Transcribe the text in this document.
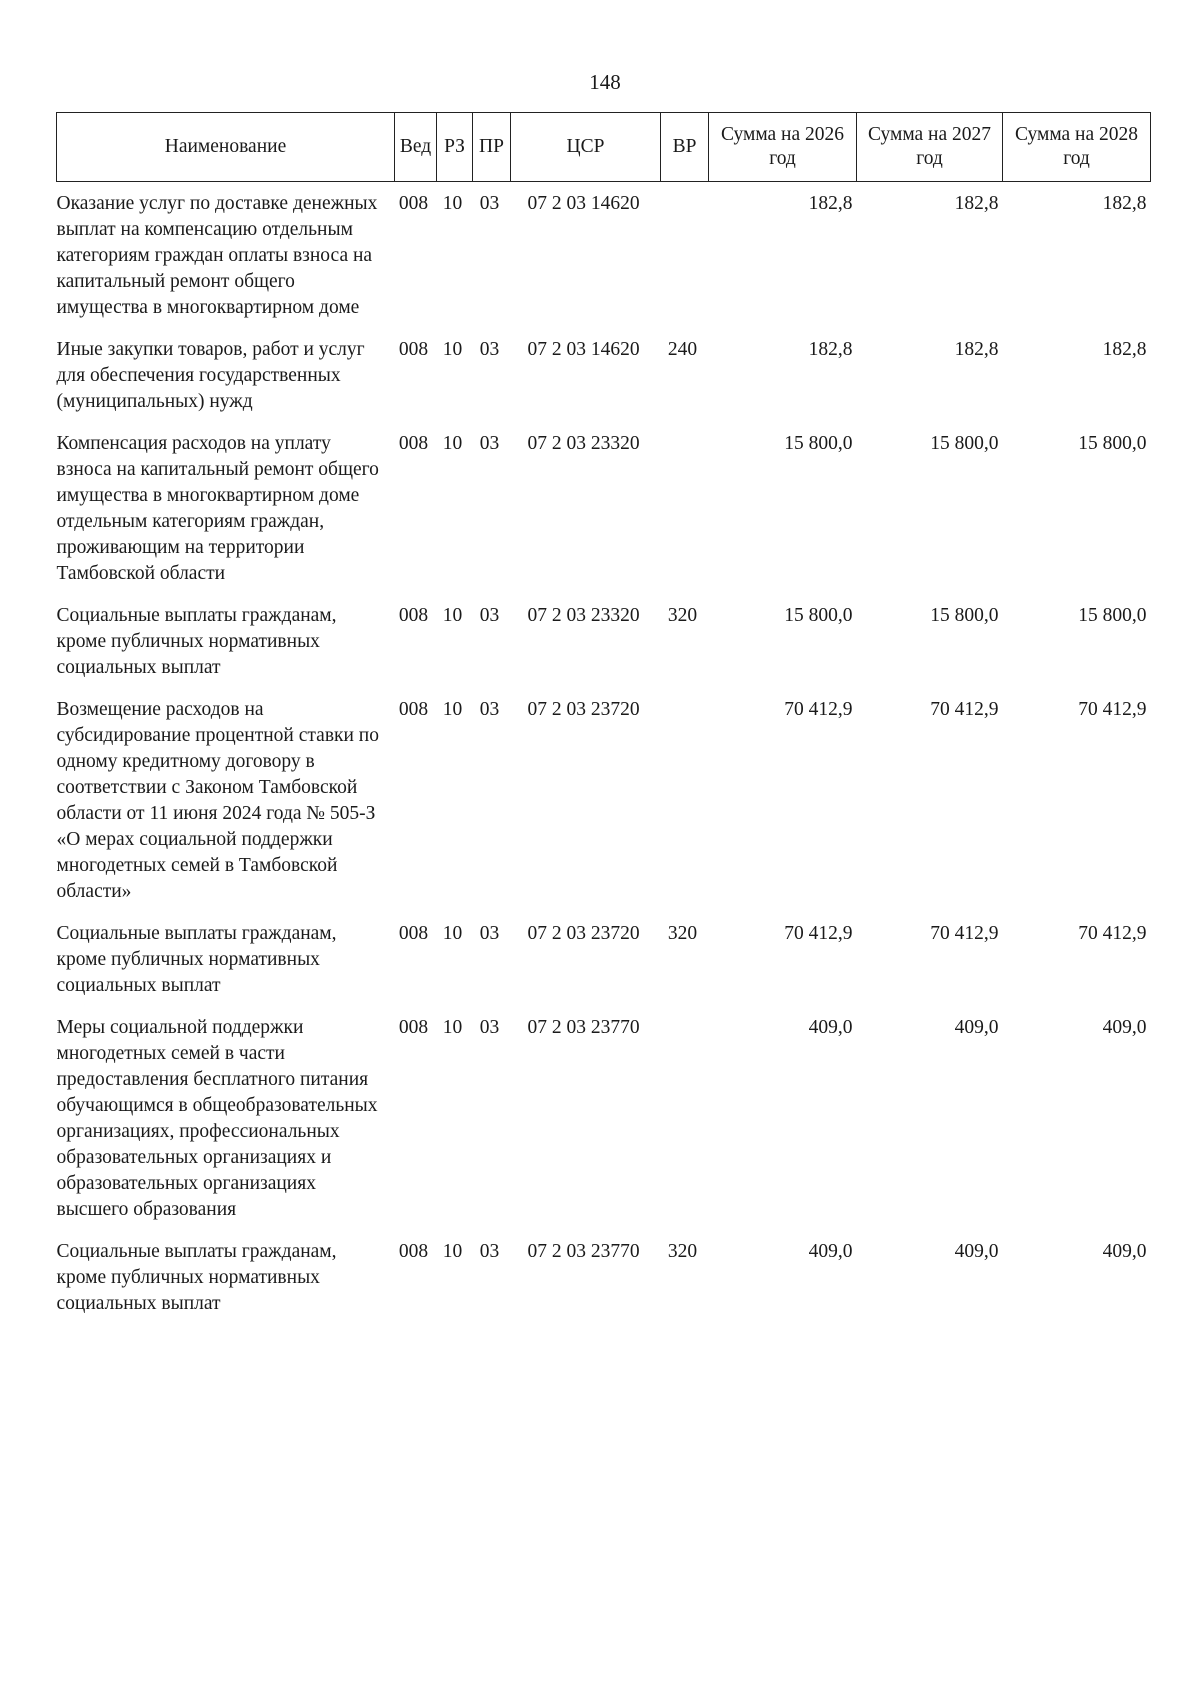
148
Наименование	Вед	РЗ	ПР	ЦСР	ВР	Сумма на 2026 год	Сумма на 2027 год	Сумма на 2028 год
Оказание услуг по доставке денежных выплат на компенсацию отдельным категориям граждан оплаты взноса на капитальный ремонт общего имущества в многоквартирном доме	008	10	03	07 2 03 14620		182,8	182,8	182,8
Иные закупки товаров, работ и услуг для обеспечения государственных (муниципальных) нужд	008	10	03	07 2 03 14620	240	182,8	182,8	182,8
Компенсация расходов на уплату взноса на капитальный ремонт общего имущества в многоквартирном доме отдельным категориям граждан, проживающим на территории Тамбовской области	008	10	03	07 2 03 23320		15 800,0	15 800,0	15 800,0
Социальные выплаты гражданам, кроме публичных нормативных социальных выплат	008	10	03	07 2 03 23320	320	15 800,0	15 800,0	15 800,0
Возмещение расходов на субсидирование процентной ставки по одному кредитному договору в соответствии с Законом Тамбовской области от 11 июня 2024 года № 505-З «О мерах социальной поддержки многодетных семей в Тамбовской области»	008	10	03	07 2 03 23720		70 412,9	70 412,9	70 412,9
Социальные выплаты гражданам, кроме публичных нормативных социальных выплат	008	10	03	07 2 03 23720	320	70 412,9	70 412,9	70 412,9
Меры социальной поддержки многодетных семей в части предоставления бесплатного питания обучающимся в общеобразовательных организациях, профессиональных образовательных организациях и образовательных организациях высшего образования	008	10	03	07 2 03 23770		409,0	409,0	409,0
Социальные выплаты гражданам, кроме публичных нормативных социальных выплат	008	10	03	07 2 03 23770	320	409,0	409,0	409,0
